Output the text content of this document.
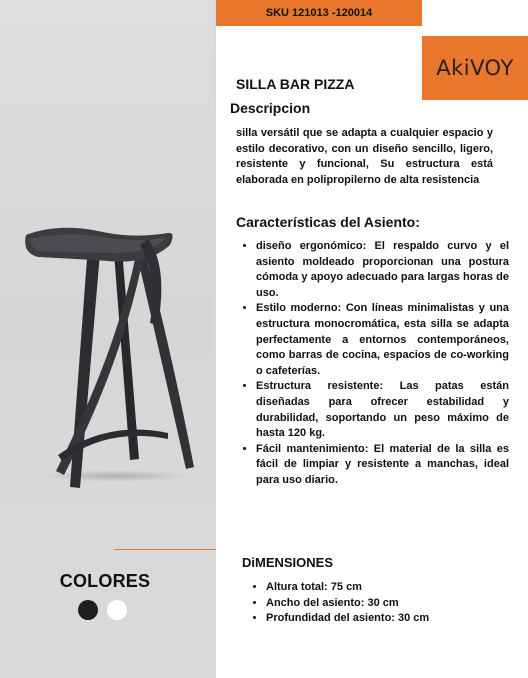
COLORES
SKU 121013 -120014
AkiVOY
SILLA BAR PIZZA
Descripcion
silla versátil que se adapta a cualquier espacio y estilo decorativo, con un diseño sencillo, ligero, resistente y funcional, Su estructura está elaborada en polipropilerno de alta resistencia
Características del Asiento:
• diseño ergonómico: El respaldo curvo y el asiento moldeado proporcionan una postura cómoda y apoyo adecuado para largas horas de uso.
• Estilo moderno: Con líneas minimalistas y una estructura monocromática, esta silla se adapta perfectamente a entornos contemporáneos, como barras de cocina, espacios de co-working o cafeterías.
• Estructura resistente: Las patas están diseñadas para ofrecer estabilidad y durabilidad, soportando un peso máximo de hasta 120 kg.
• Fácil mantenimiento: El material de la silla es fácil de limpiar y resistente a manchas, ideal para uso diario.
DiMENSIONES
• Altura total: 75 cm
• Ancho del asiento: 30 cm
• Profundidad del asiento: 30 cm
